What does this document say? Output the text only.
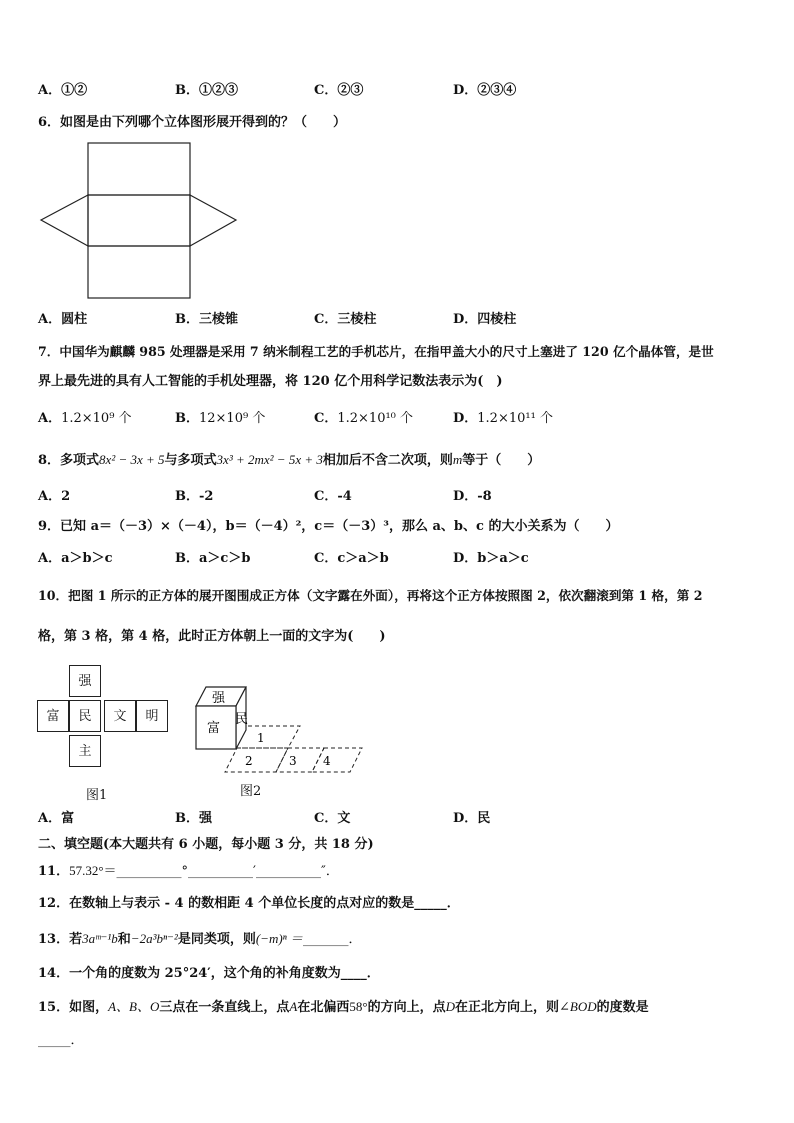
A．①②	B．①②③	C．②③	D．②③④
6．如图是由下列哪个立体图形展开得到的？（　　）
A．圆柱	B．三棱锥	C．三棱柱	D．四棱柱
7．中国华为麒麟 985 处理器是采用 7 纳米制程工艺的手机芯片，在指甲盖大小的尺寸上塞进了 120 亿个晶体管，是世
界上最先进的具有人工智能的手机处理器，将 120 亿个用科学记数法表示为(　)
A．1.2×10⁹ 个	B．12×10⁹ 个	C．1.2×10¹⁰ 个	D．1.2×10¹¹ 个
8．多项式8x² − 3x + 5与多项式3x³ + 2mx² − 5x + 3相加后不含二次项，则m等于（　　）
A．2	B．-2	C．-4	D．-8
9．已知 a＝（－3）×（－4），b＝（－4）²，c＝（－3）³，那么 a、b、c 的大小关系为（　　）
A．a＞b＞c	B．a＞c＞b	C．c＞a＞b	D．b＞a＞c
10．把图 1 所示的正方体的展开图围成正方体（文字露在外面），再将这个正方体按照图 2，依次翻滚到第 1 格，第 2
格，第 3 格，第 4 格，此时正方体朝上一面的文字为(　　)
强
富	民	文	明
主
图1
强
富
民
1
2	3 4
图2
A．富	B．强	C．文	D．民
二、填空题(本大题共有 6 小题，每小题 3 分，共 18 分)
11．57.32°＝__________°__________′__________″．
12．在数轴上与表示 - 4 的数相距 4 个单位长度的点对应的数是_____．
13．若3aᵐ⁻¹b和−2a³bⁿ⁻²是同类项，则(−m)ⁿ ＝_______．
14．一个角的度数为 25°24′，这个角的补角度数为____．
15．如图，A、B、O三点在一条直线上，点A在北偏西58°的方向上，点D在正北方向上，则∠BOD的度数是
_____．
